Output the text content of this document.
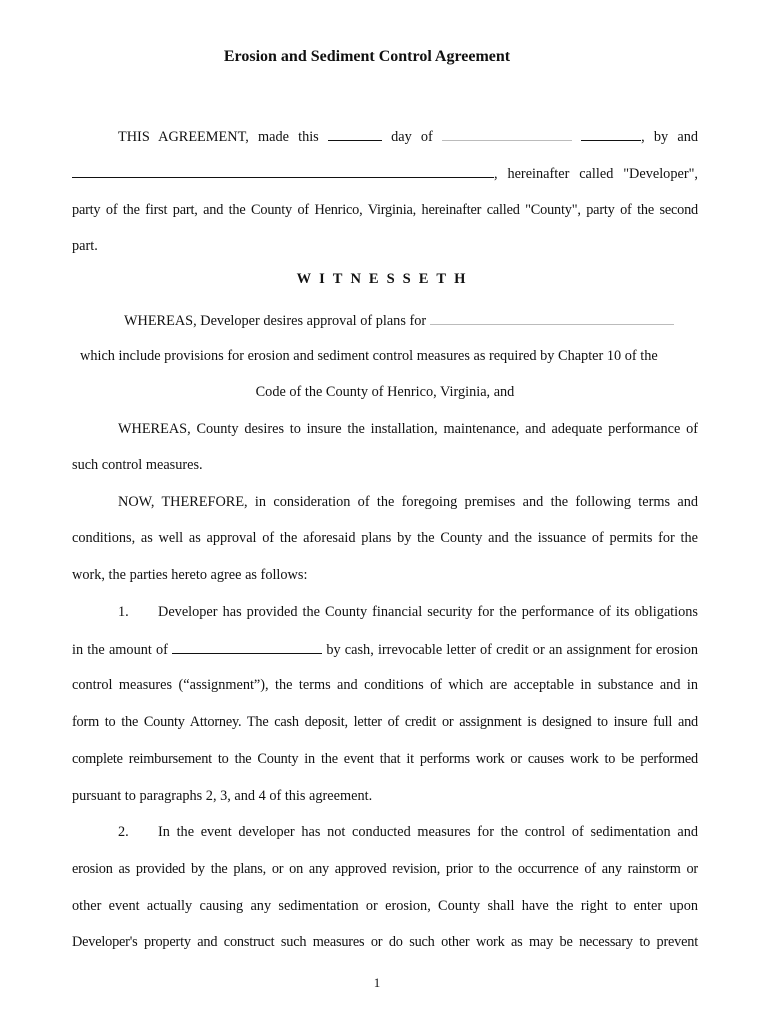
Erosion and Sediment Control Agreement
THIS AGREEMENT, made this	day of	, by and
, hereinafter called "Developer",
party of the first part, and the County of Henrico, Virginia, hereinafter called "County", party of the second
part.
WITNESSETH
WHEREAS, Developer desires approval of plans for
which include provisions for erosion and sediment control measures as required by Chapter 10 of the
Code of the County of Henrico, Virginia, and
WHEREAS, County desires to insure the installation, maintenance, and adequate performance of
such control measures.
NOW, THEREFORE, in consideration of the foregoing premises and the following terms and
conditions, as well as approval of the aforesaid plans by the County and the issuance of permits for the
work, the parties hereto agree as follows:
1. Developer has provided the County financial security for the performance of its obligations
in the amount of	by cash, irrevocable letter of credit or an assignment for erosion
control measures (“assignment”), the terms and conditions of which are acceptable in substance and in
form to the County Attorney. The cash deposit, letter of credit or assignment is designed to insure full and
complete reimbursement to the County in the event that it performs work or causes work to be performed
pursuant to paragraphs 2, 3, and 4 of this agreement.
2. In the event developer has not conducted measures for the control of sedimentation and
erosion as provided by the plans, or on any approved revision, prior to the occurrence of any rainstorm or
other event actually causing any sedimentation or erosion, County shall have the right to enter upon
Developer's property and construct such measures or do such other work as may be necessary to prevent
1
